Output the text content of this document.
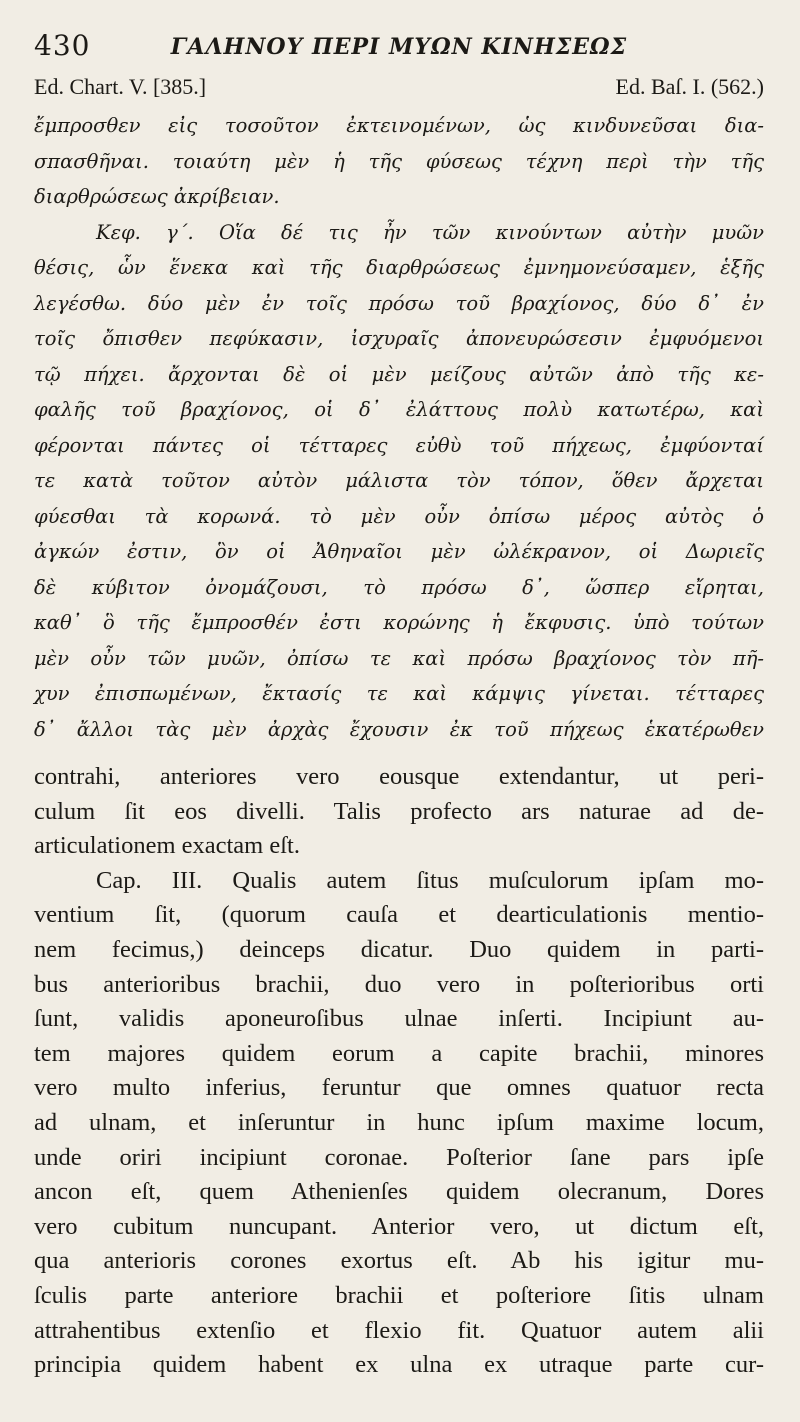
430	ΓΑΛΗΝΟΥ ΠΕΡΙ ΜΥΩΝ ΚΙΝΗΣΕΩΣ
Ed. Chart. V. [385.]	Ed. Baſ. I. (562.)
ἔμπροσθεν εἰς τοσοῦτον ἐκτεινομένων, ὡς κινδυνεῦσαι δια-
σπασθῆναι. τοιαύτη μὲν ἡ τῆς φύσεως τέχνη περὶ τὴν τῆς
διαρθρώσεως ἀκρίβειαν.
Κεφ. γ΄. Οἵα δέ τις ἦν τῶν κινούντων αὐτὴν μυῶν
θέσις, ὧν ἕνεκα καὶ τῆς διαρθρώσεως ἐμνημονεύσαμεν, ἑξῆς
λεγέσθω. δύο μὲν ἐν τοῖς πρόσω τοῦ βραχίονος, δύο δ᾽ ἐν
τοῖς ὄπισθεν πεφύκασιν, ἰσχυραῖς ἀπονευρώσεσιν ἐμφυόμενοι
τῷ πήχει. ἄρχονται δὲ οἱ μὲν μείζους αὐτῶν ἀπὸ τῆς κε-
φαλῆς τοῦ βραχίονος, οἱ δ᾽ ἐλάττους πολὺ κατωτέρω, καὶ
φέρονται πάντες οἱ τέτταρες εὐθὺ τοῦ πήχεως, ἐμφύονταί
τε κατὰ τοῦτον αὐτὸν μάλιστα τὸν τόπον, ὅθεν ἄρχεται
φύεσθαι τὰ κορωνά. τὸ μὲν οὖν ὀπίσω μέρος αὐτὸς ὁ
ἀγκών ἐστιν, ὃν οἱ Ἀθηναῖοι μὲν ὠλέκρανον, οἱ Δωριεῖς
δὲ κύβιτον ὀνομάζουσι, τὸ πρόσω δ᾽, ὥσπερ εἴρηται,
καθ᾽ ὃ τῆς ἔμπροσθέν ἐστι κορώνης ἡ ἔκφυσις. ὑπὸ τούτων
μὲν οὖν τῶν μυῶν, ὀπίσω τε καὶ πρόσω βραχίονος τὸν πῆ-
χυν ἐπισπωμένων, ἔκτασίς τε καὶ κάμψις γίνεται. τέτταρες
δ᾽ ἄλλοι τὰς μὲν ἀρχὰς ἔχουσιν ἐκ τοῦ πήχεως ἑκατέρωθεν
contrahi, anteriores vero eousque extendantur, ut peri-
culum ſit eos divelli. Talis profecto ars naturae ad de-
articulationem exactam eſt.
Cap. III. Qualis autem ſitus muſculorum ipſam mo-
ventium ſit, (quorum cauſa et dearticulationis mentio-
nem fecimus,) deinceps dicatur. Duo quidem in parti-
bus anterioribus brachii, duo vero in poſterioribus orti
ſunt, validis aponeuroſibus ulnae inſerti. Incipiunt au-
tem majores quidem eorum a capite brachii, minores
vero multo inferius, feruntur que omnes quatuor recta
ad ulnam, et inſeruntur in hunc ipſum maxime locum,
unde oriri incipiunt coronae. Poſterior ſane pars ipſe
ancon eſt, quem Athenienſes quidem olecranum, Dores
vero cubitum nuncupant. Anterior vero, ut dictum eſt,
qua anterioris corones exortus eſt. Ab his igitur mu-
ſculis parte anteriore brachii et poſteriore ſitis ulnam
attrahentibus extenſio et flexio fit. Quatuor autem alii
principia quidem habent ex ulna ex utraque parte cur-
